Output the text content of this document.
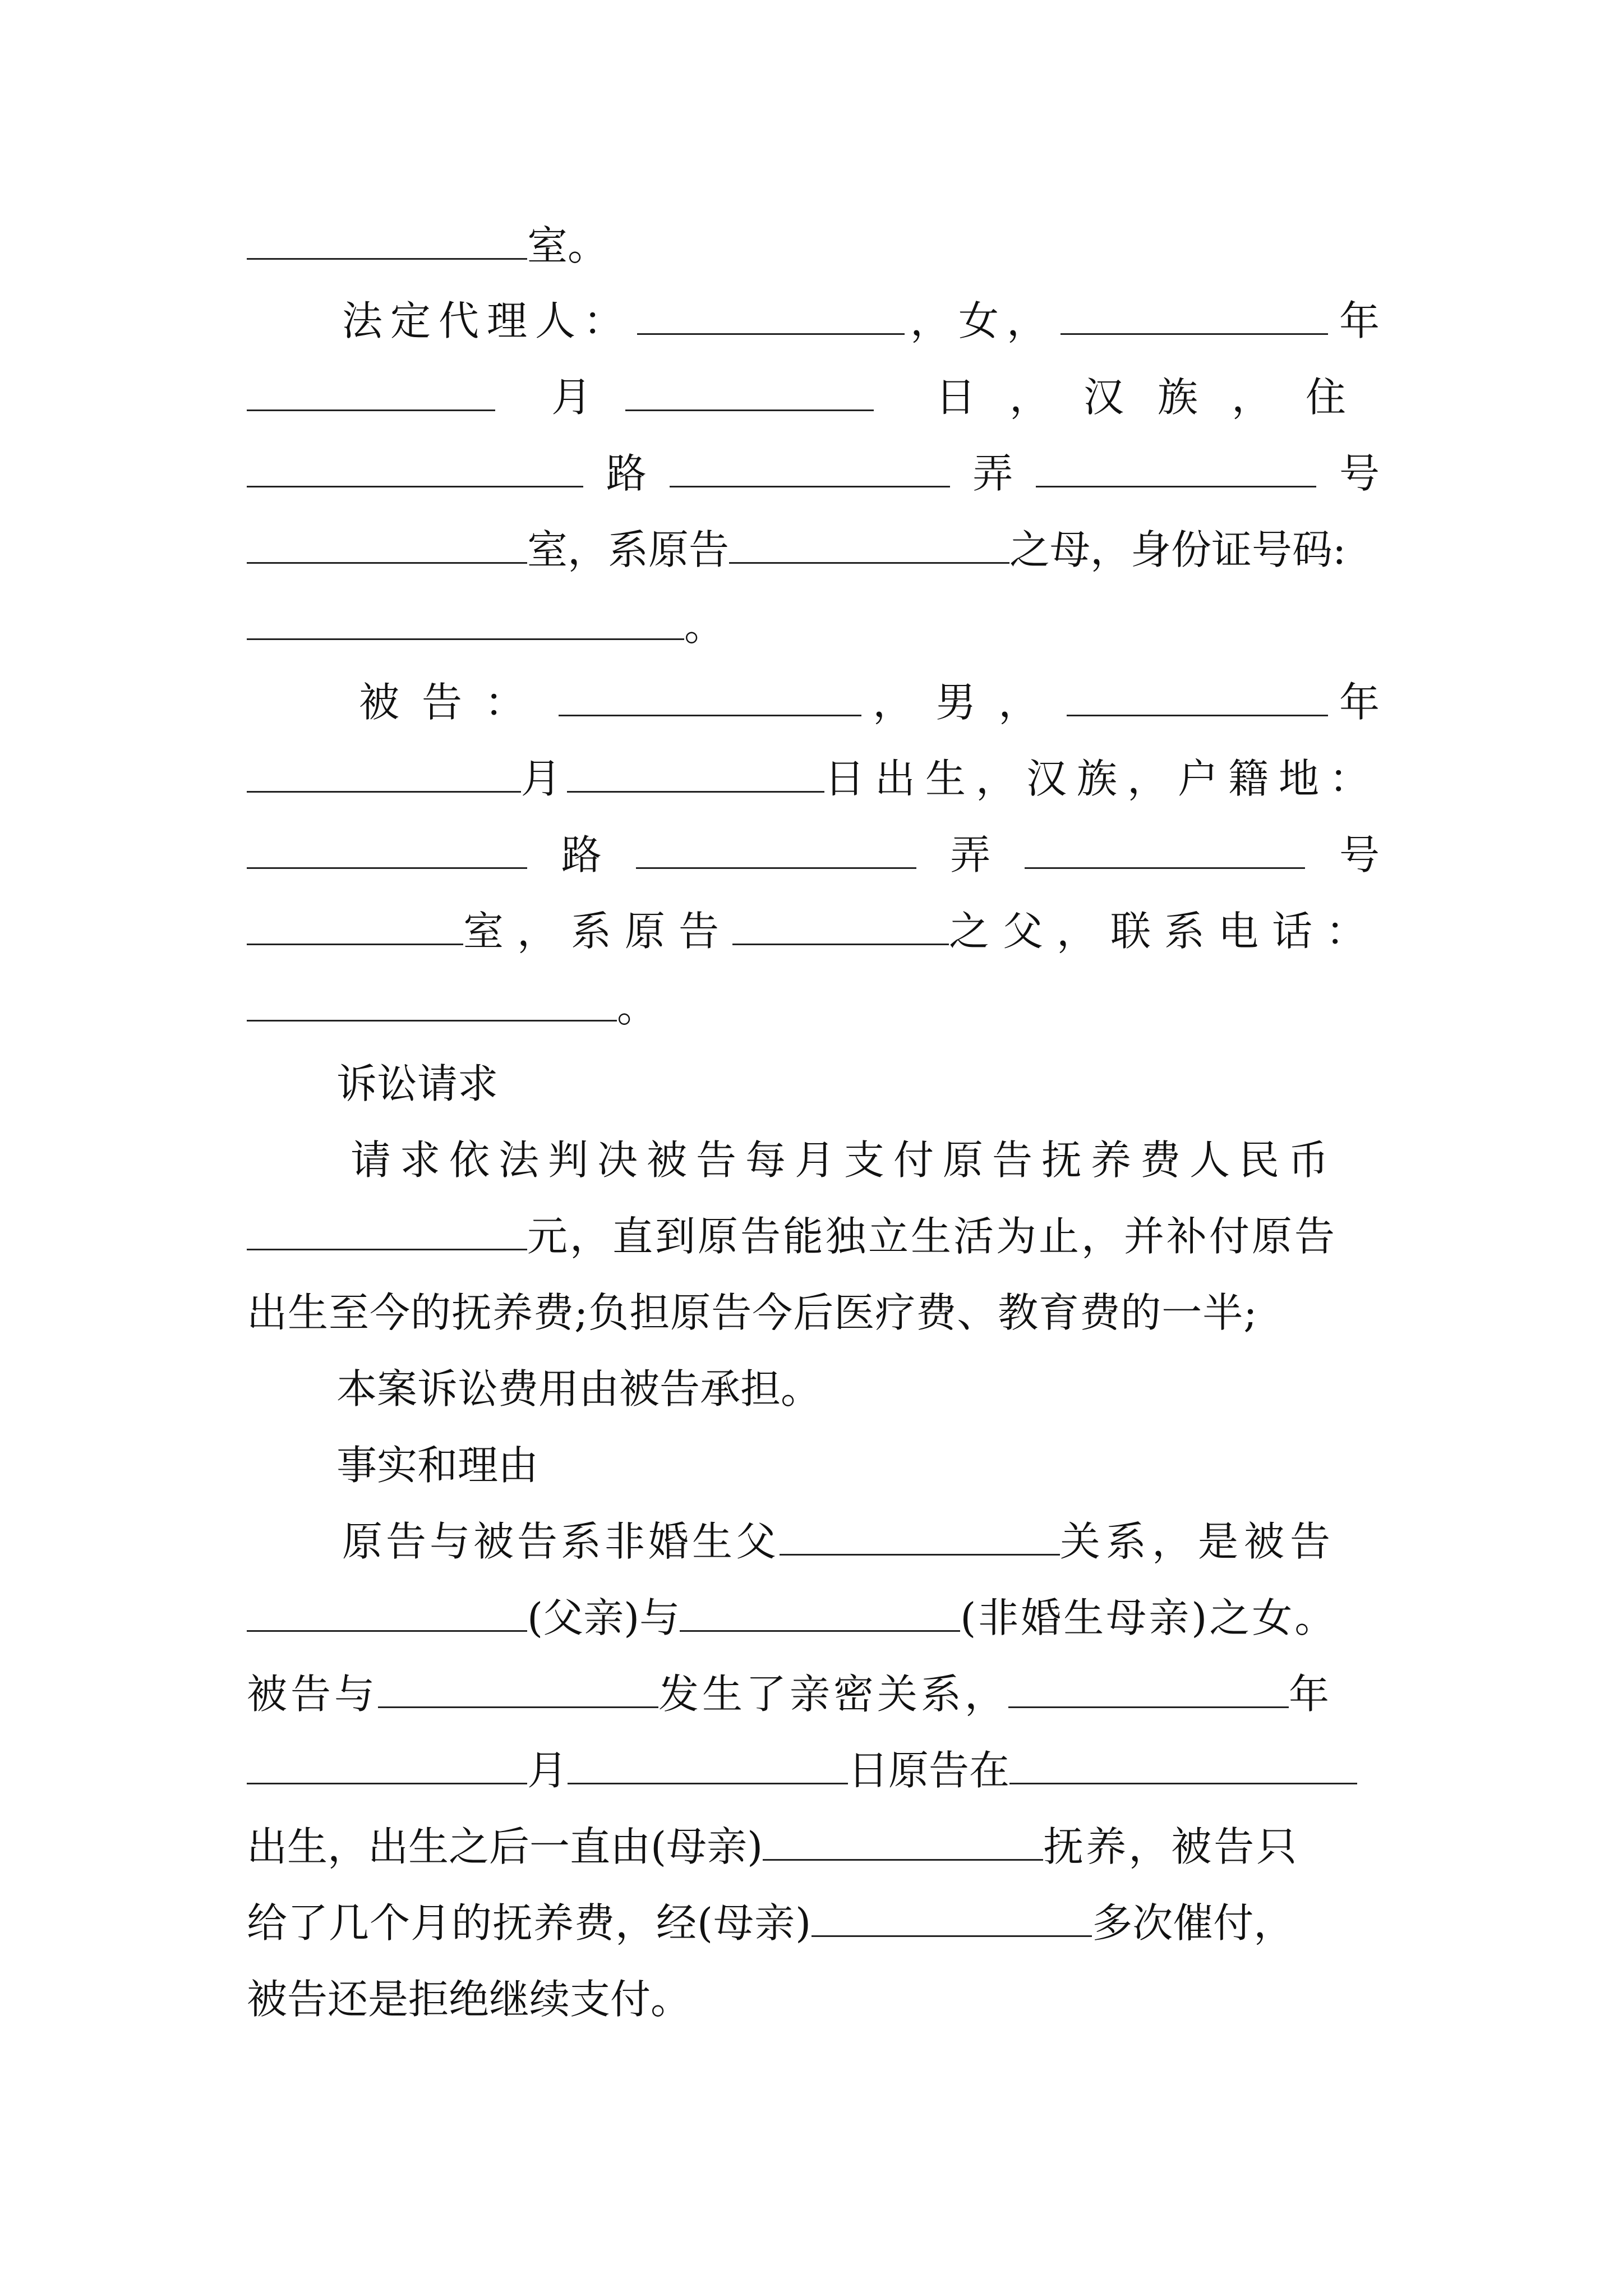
室。
法定代理人：	，女，	年
月	日，汉族，住
路	弄	号
室，系原告	之母，身份证号码:
。
被告：	，男，	年
月	日出生，汉族，户籍地：
路	弄	号
室，系原告	之父，联系电话：
。
诉讼请求
请求依法判决被告每月支付原告抚养费人民币
元，直到原告能独立生活为止，并补付原告
出生至今的抚养费;负担原告今后医疗费、教育费的一半;
本案诉讼费用由被告承担。
事实和理由
原告与被告系非婚生父	关系，是被告
(父亲)与	(非婚生母亲)之女。
被告与	发生了亲密关系，	年
月	日原告在
出生，出生之后一直由(母亲)	抚养，被告只
给了几个月的抚养费，经(母亲)	多次催付，
被告还是拒绝继续支付。
